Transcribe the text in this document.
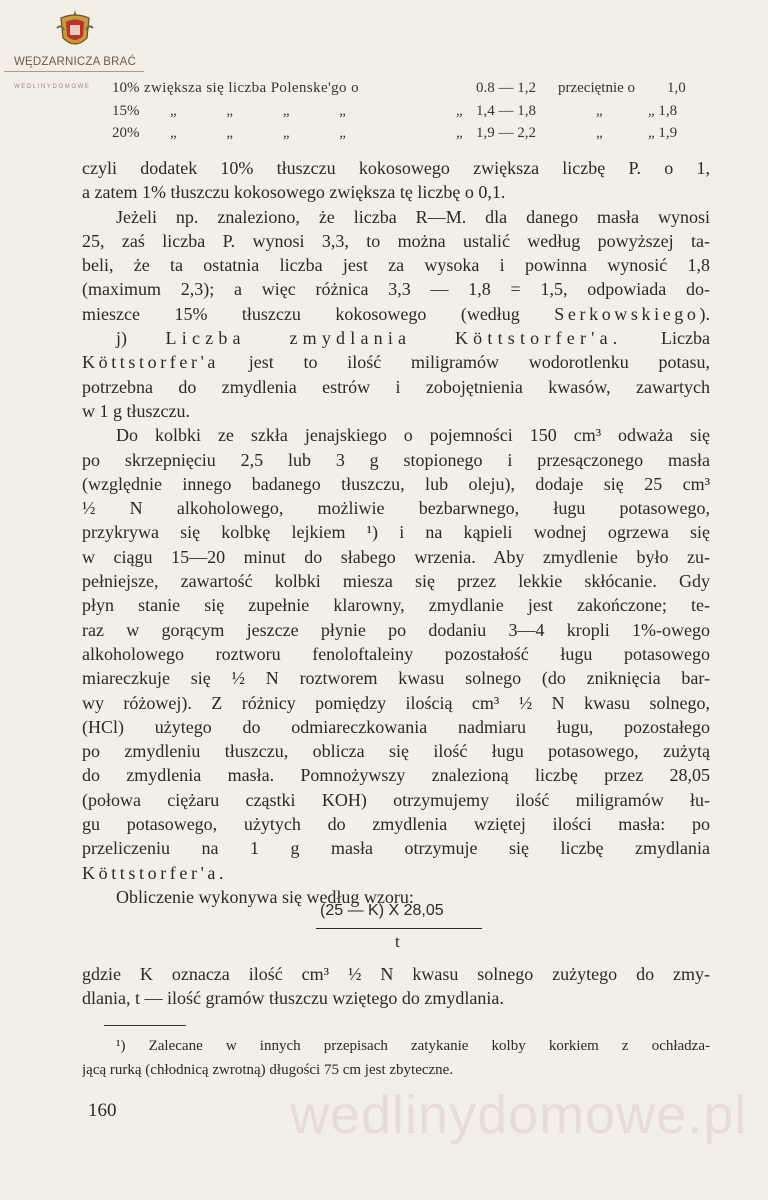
WĘDZARNICZA BRAĆ
WEDLINYDOMOWE 10% zwiększa się liczba Polenske'go o	0.8 — 1,2 przeciętnie o 1,0
15% „ „ „ „	„ 1,4 — 1,8	„	„ 1,8
20% „ „ „ „	„ 1,9 — 2,2	„	„ 1,9
czyli dodatek 10% tłuszczu kokosowego zwiększa liczbę P. o 1,
a zatem 1% tłuszczu kokosowego zwiększa tę liczbę o 0,1.
Jeżeli np. znaleziono, że liczba R—M. dla danego masła wynosi
25, zaś liczba P. wynosi 3,3, to można ustalić według powyższej ta-
beli, że ta ostatnia liczba jest za wysoka i powinna wynosić 1,8
(maximum 2,3); a więc różnica 3,3 — 1,8 = 1,5, odpowiada do-
mieszce 15% tłuszczu kokosowego (według Serkowskiego).
j) Liczba zmydlania Köttstorfer'a. Liczba
Köttstorfer'a jest to ilość miligramów wodorotlenku potasu,
potrzebna do zmydlenia estrów i zobojętnienia kwasów, zawartych
w 1 g tłuszczu.
Do kolbki ze szkła jenajskiego o pojemności 150 cm³ odważa się
po skrzepnięciu 2,5 lub 3 g stopionego i przesączonego masła
(względnie innego badanego tłuszczu, lub oleju), dodaje się 25 cm³
½ N alkoholowego, możliwie bezbarwnego, ługu potasowego,
przykrywa się kolbkę lejkiem ¹) i na kąpieli wodnej ogrzewa się
w ciągu 15—20 minut do słabego wrzenia. Aby zmydlenie było zu-
pełniejsze, zawartość kolbki miesza się przez lekkie skłócanie. Gdy
płyn stanie się zupełnie klarowny, zmydlanie jest zakończone; te-
raz w gorącym jeszcze płynie po dodaniu 3—4 kropli 1%-owego
alkoholowego roztworu fenoloftaleiny pozostałość ługu potasowego
miareczkuje się ½ N roztworem kwasu solnego (do zniknięcia bar-
wy różowej). Z różnicy pomiędzy ilością cm³ ½ N kwasu solnego,
(HCl) użytego do odmiareczkowania nadmiaru ługu, pozostałego
po zmydleniu tłuszczu, oblicza się ilość ługu potasowego, zużytą
do zmydlenia masła. Pomnożywszy znalezioną liczbę przez 28,05
(połowa ciężaru cząstki KOH) otrzymujemy ilość miligramów łu-
gu potasowego, użytych do zmydlenia wziętej ilości masła: po
przeliczeniu na 1 g masła otrzymuje się liczbę zmydlania
Köttstorfer'a.
Obliczenie wykonywa się według wzoru:
(25 — K) X 28,05
t
gdzie K oznacza ilość cm³ ½ N kwasu solnego zużytego do zmy-
dlania, t — ilość gramów tłuszczu wziętego do zmydlania.
¹) Zalecane w innych przepisach zatykanie kolby korkiem z ochładza-
jącą rurką (chłodnicą zwrotną) długości 75 cm jest zbyteczne.
wedlinydomowe.pl
160
